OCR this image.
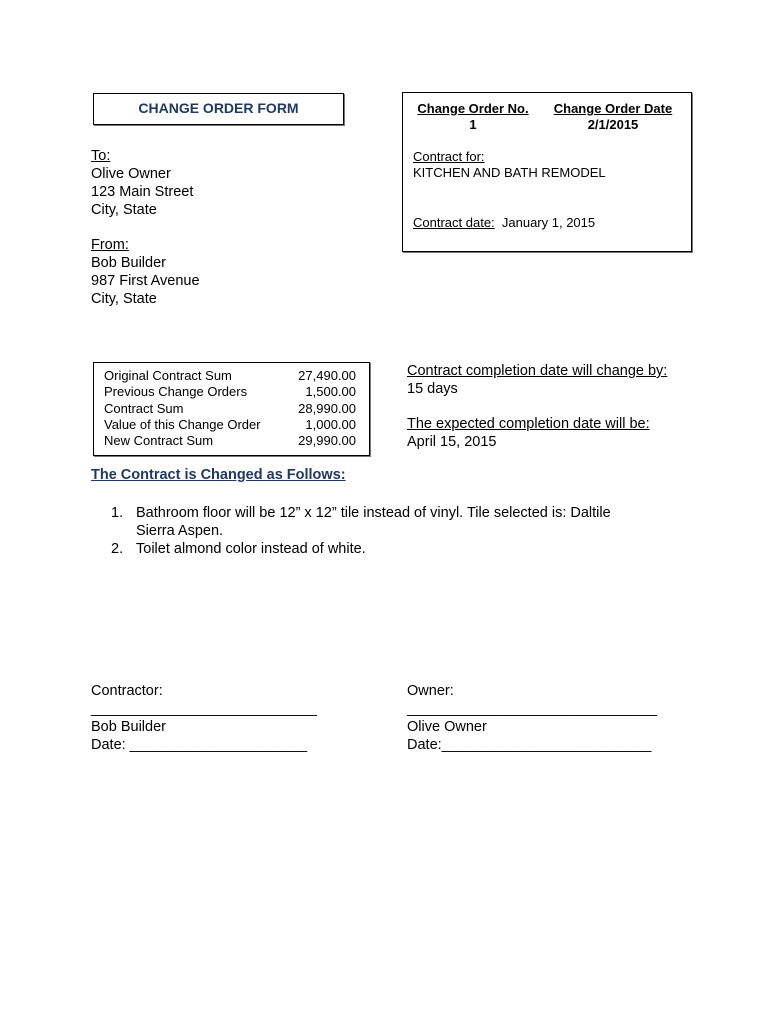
CHANGE ORDER FORM	Change Order No.
1
Change Order Date
2/1/2015
Contract for:
KITCHEN AND BATH REMODEL
Contract date: January 1, 2015
To:
Olive Owner
123 Main Street
City, State
From:
Bob Builder
987 First Avenue
City, State
Original Contract Sum	27,490.00
Previous Change Orders	1,500.00
Contract Sum	28,990.00
Value of this Change Order	1,000.00
New Contract Sum	29,990.00
Contract completion date will change by:
15 days
The expected completion date will be:
April 15, 2015
The Contract is Changed as Follows:
1. Bathroom floor will be 12” x 12” tile instead of vinyl. Tile selected is: Daltile
Sierra Aspen.
2. Toilet almond color instead of white.
Contractor:
____________________________
Bob Builder
Date: ______________________
Owner:
_______________________________
Olive Owner
Date:__________________________
